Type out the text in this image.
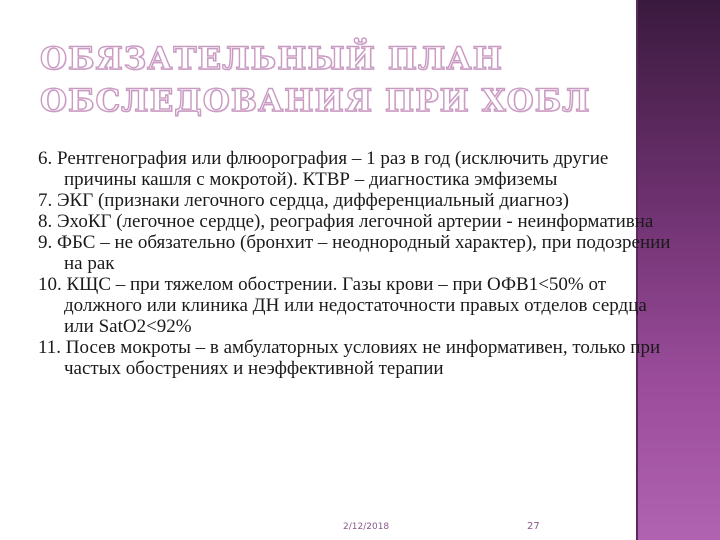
ОБЯЗАТЕЛЬНЫЙ ПЛАН
ОБСЛЕДОВАНИЯ ПРИ ХОБЛ

6. Рентгенография или флюорография – 1 раз в год (исключить другие причины кашля с мокротой). КТВР – диагностика эмфиземы

7. ЭКГ (признаки легочного сердца, дифференциальный диагноз)

8. ЭхоКГ (легочное сердце), реография легочной артерии - неинформативна

9. ФБС – не обязательно (бронхит – неоднородный характер), при подозрении на рак

10. КЩС – при тяжелом обострении. Газы крови – при ОФВ1<50% от должного или клиника ДН или недостаточности правых отделов сердца или SatO2<92%

11. Посев мокроты – в амбулаторных условиях не информативен, только при частых обострениях и неэффективной терапии

2/12/2018	27
